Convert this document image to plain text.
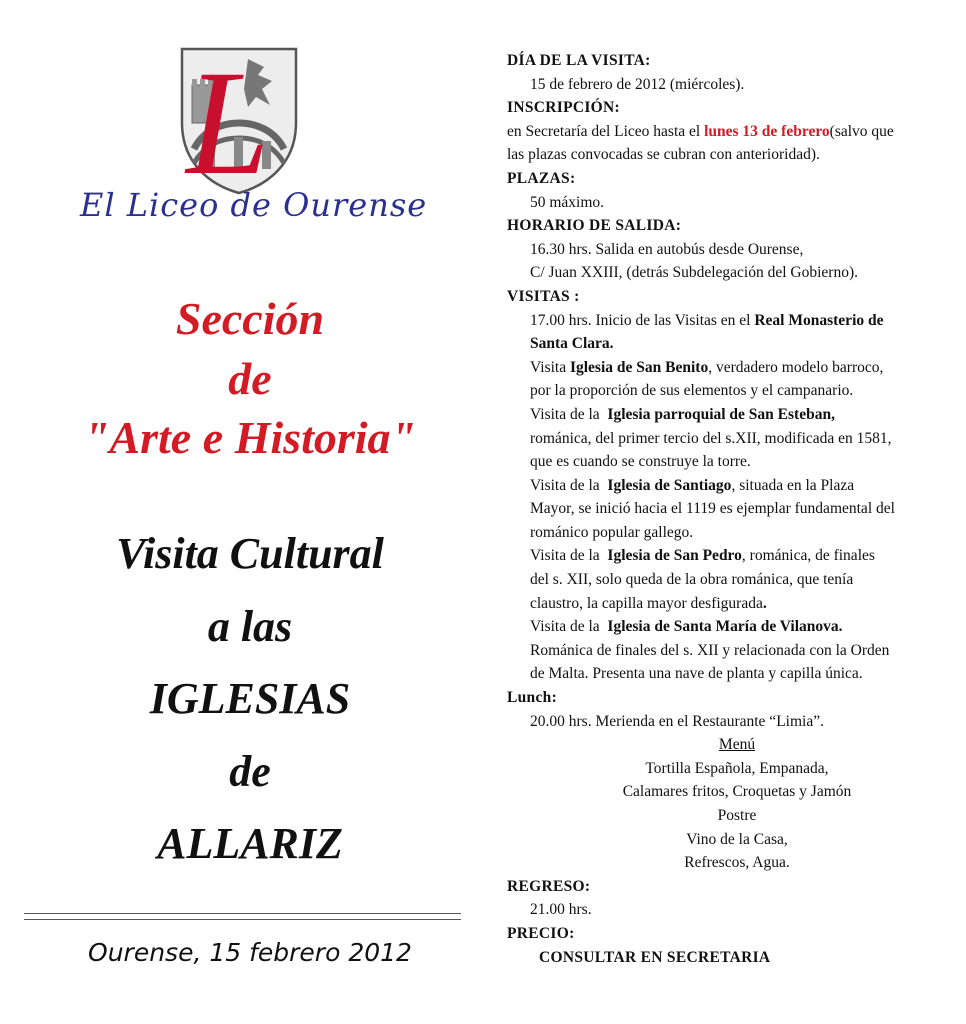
L
El Liceo de Ourense
Sección
de
"Arte e Historia"
Visita Cultural
a las
IGLESIAS
de
ALLARIZ
Ourense, 15 febrero 2012
DÍA DE LA VISITA:
15 de febrero de 2012 (miércoles).
INSCRIPCIÓN:
en Secretaría del Liceo hasta el lunes 13 de febrero(salvo que
las plazas convocadas se cubran con anterioridad).
PLAZAS:
50 máximo.
HORARIO DE SALIDA:
16.30 hrs. Salida en autobús desde Ourense,
C/ Juan XXIII, (detrás Subdelegación del Gobierno).
VISITAS :
17.00 hrs. Inicio de las Visitas en el Real Monasterio de
Santa Clara.
Visita Iglesia de San Benito, verdadero modelo barroco,
por la proporción de sus elementos y el campanario.
Visita de la  Iglesia parroquial de San Esteban,
románica, del primer tercio del s.XII, modificada en 1581,
que es cuando se construye la torre.
Visita de la  Iglesia de Santiago, situada en la Plaza
Mayor, se inició hacia el 1119 es ejemplar fundamental del
románico popular gallego.
Visita de la  Iglesia de San Pedro, románica, de finales
del s. XII, solo queda de la obra románica, que tenía
claustro, la capilla mayor desfigurada.
Visita de la  Iglesia de Santa María de Vilanova.
Románica de finales del s. XII y relacionada con la Orden
de Malta. Presenta una nave de planta y capilla única.
Lunch:
20.00 hrs. Merienda en el Restaurante “Limia”.
Menú
Tortilla Española, Empanada,
Calamares fritos, Croquetas y Jamón
Postre
Vino de la Casa,
Refrescos, Agua.
REGRESO:
21.00 hrs.
PRECIO:
CONSULTAR EN SECRETARIA
